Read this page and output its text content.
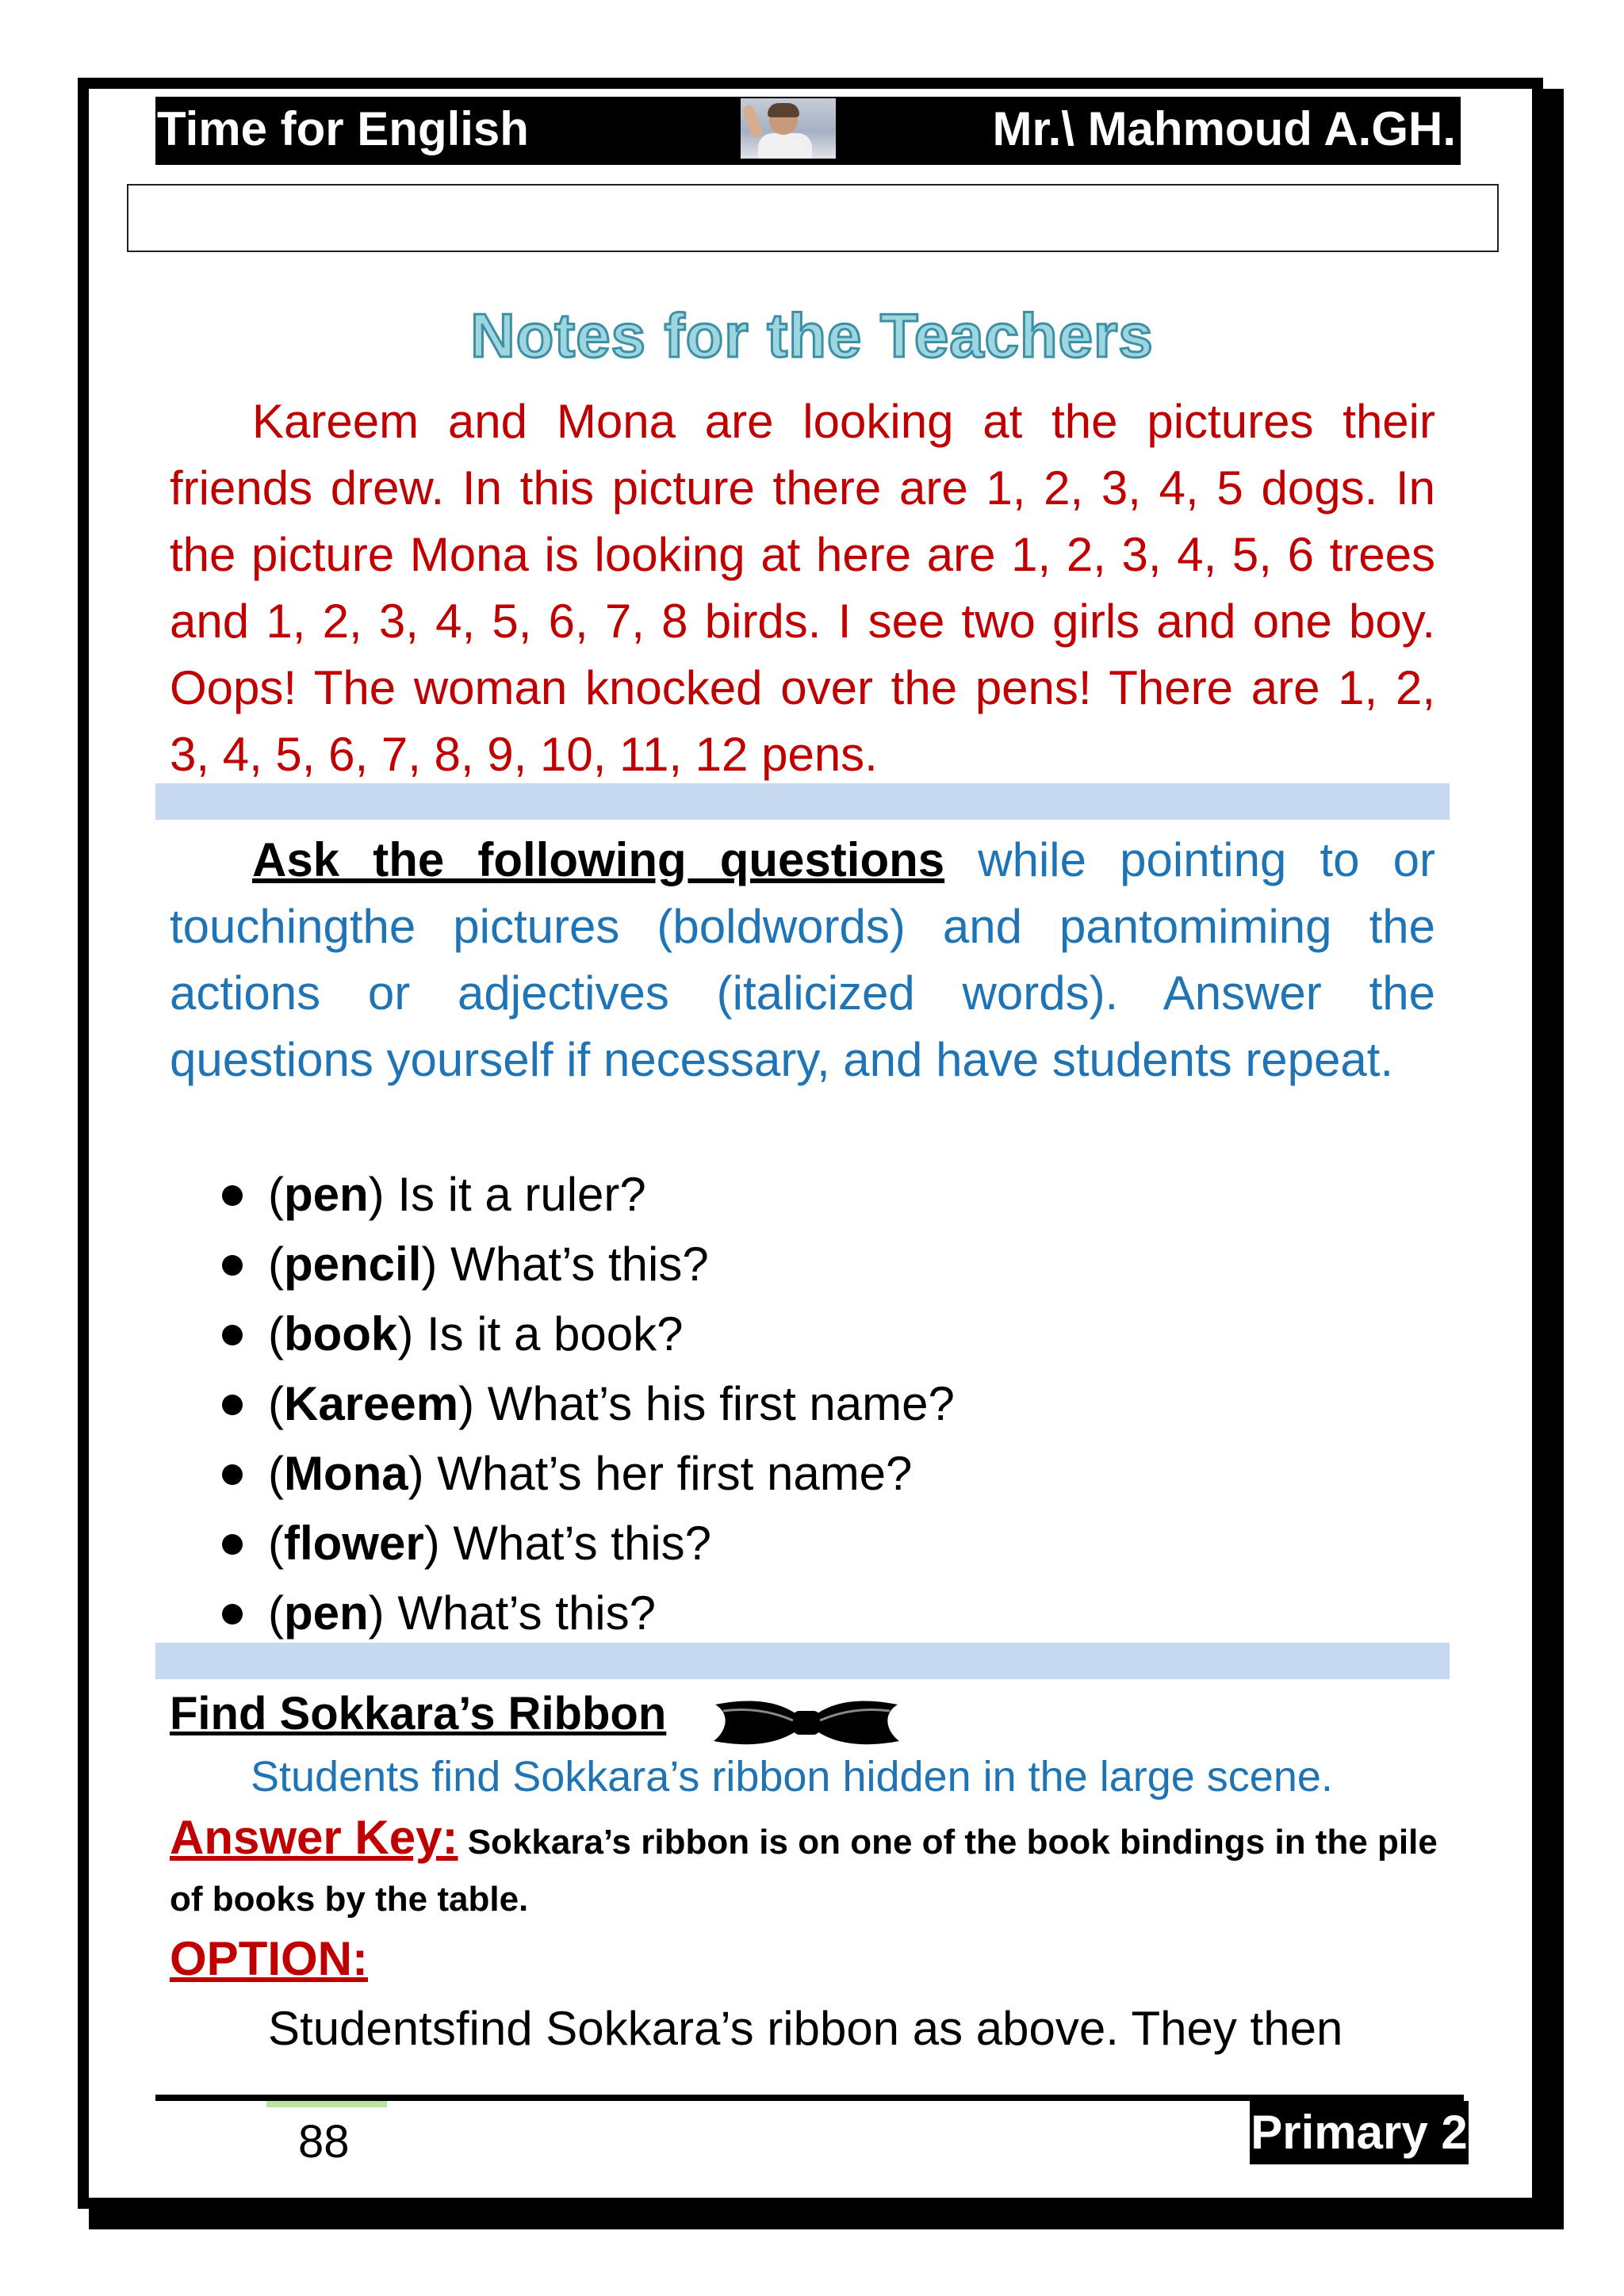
Time for English	Mr.\ Mahmoud A.GH.
Notes for the Teachers

Kareem and Mona are looking at the pictures their friends drew. In this picture there are 1, 2, 3, 4, 5 dogs. In the picture Mona is looking at here are 1, 2, 3, 4, 5, 6 trees and 1, 2, 3, 4, 5, 6, 7, 8 birds. I see two girls and one boy. Oops! The woman knocked over the pens! There are 1, 2, 3, 4, 5, 6, 7, 8, 9, 10, 11, 12 pens.

Ask the following questions while pointing to or touchingthe pictures (boldwords) and pantomiming the actions or adjectives (italicized words). Answer the questions yourself if necessary, and have students repeat.

(pen) Is it a ruler?
(pencil) What’s this?
(book) Is it a book?
(Kareem) What’s his first name?
(Mona) What’s her first name?
(flower) What’s this?
(pen) What’s this?
Find Sokkara’s Ribbon
Students find Sokkara’s ribbon hidden in the large scene.

Answer Key: Sokkara’s ribbon is on one of the book bindings in the pile of books by the table.

OPTION:
Studentsfind Sokkara’s ribbon as above. They then
88	Primary 2
